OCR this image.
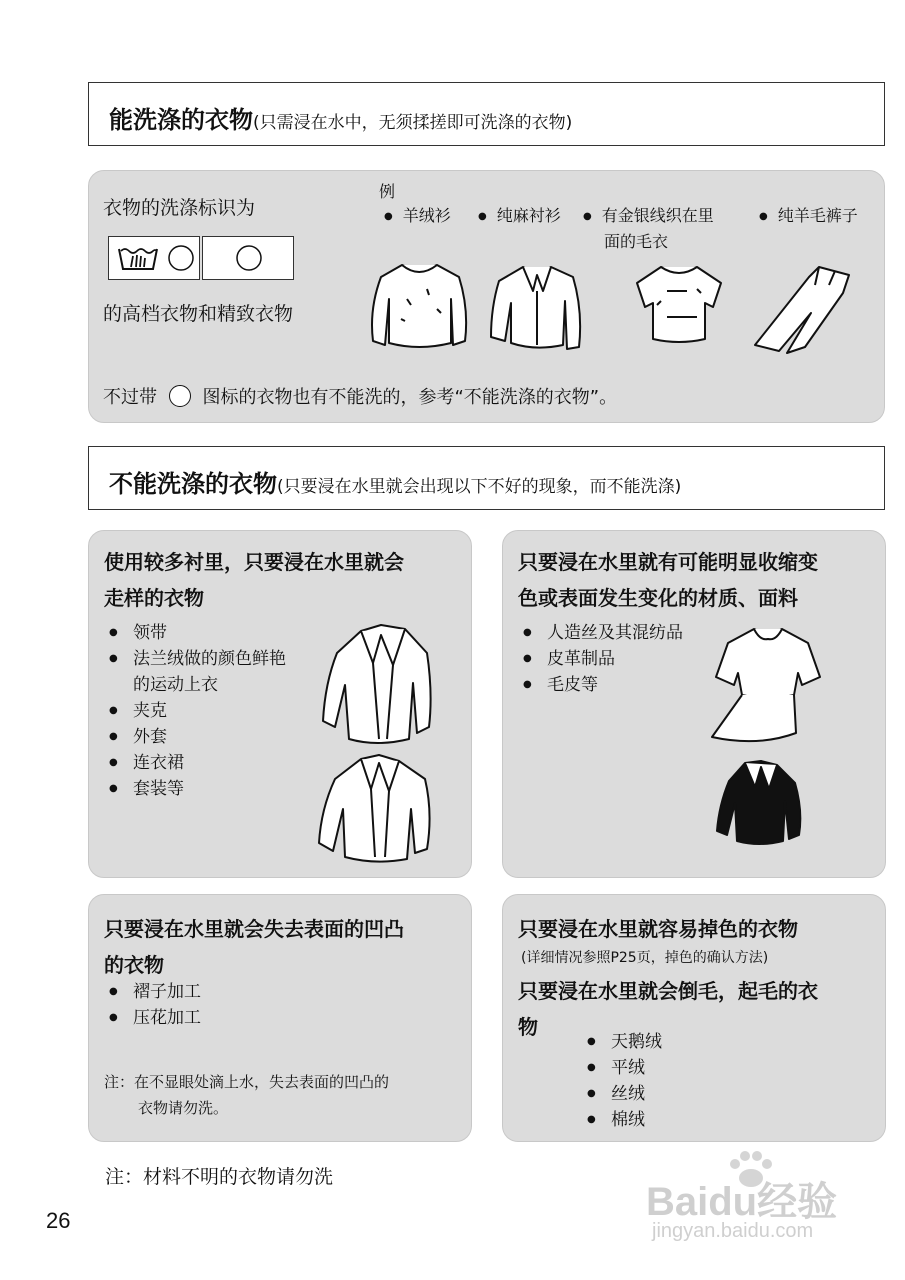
能洗涤的衣物(只需浸在水中，无须揉搓即可洗涤的衣物)
衣物的洗涤标识为
的高档衣物和精致衣物
例
● 羊绒衫	● 纯麻衬衫	● 有金银线织在里	● 纯羊毛裤子
面的毛衣
不过带	图标的衣物也有不能洗的，参考“不能洗涤的衣物”。
不能洗涤的衣物(只要浸在水里就会出现以下不好的现象，而不能洗涤)
使用较多衬里，只要浸在水里就会
走样的衣物
● 领带
● 法兰绒做的颜色鲜艳
的运动上衣
● 夹克
● 外套
● 连衣裙
● 套装等
只要浸在水里就有可能明显收缩变
色或表面发生变化的材质、面料
● 人造丝及其混纺品
● 皮革制品
● 毛皮等
只要浸在水里就会失去表面的凹凸
的衣物
● 褶子加工
● 压花加工
注：在不显眼处滴上水，失去表面的凹凸的
衣物请勿洗。
只要浸在水里就容易掉色的衣物
(详细情况参照P25页，掉色的确认方法)
只要浸在水里就会倒毛，起毛的衣
物
● 天鹅绒
● 平绒
● 丝绒
● 棉绒
注：材料不明的衣物请勿洗
26	Baidu经验
jingyan.baidu.com
